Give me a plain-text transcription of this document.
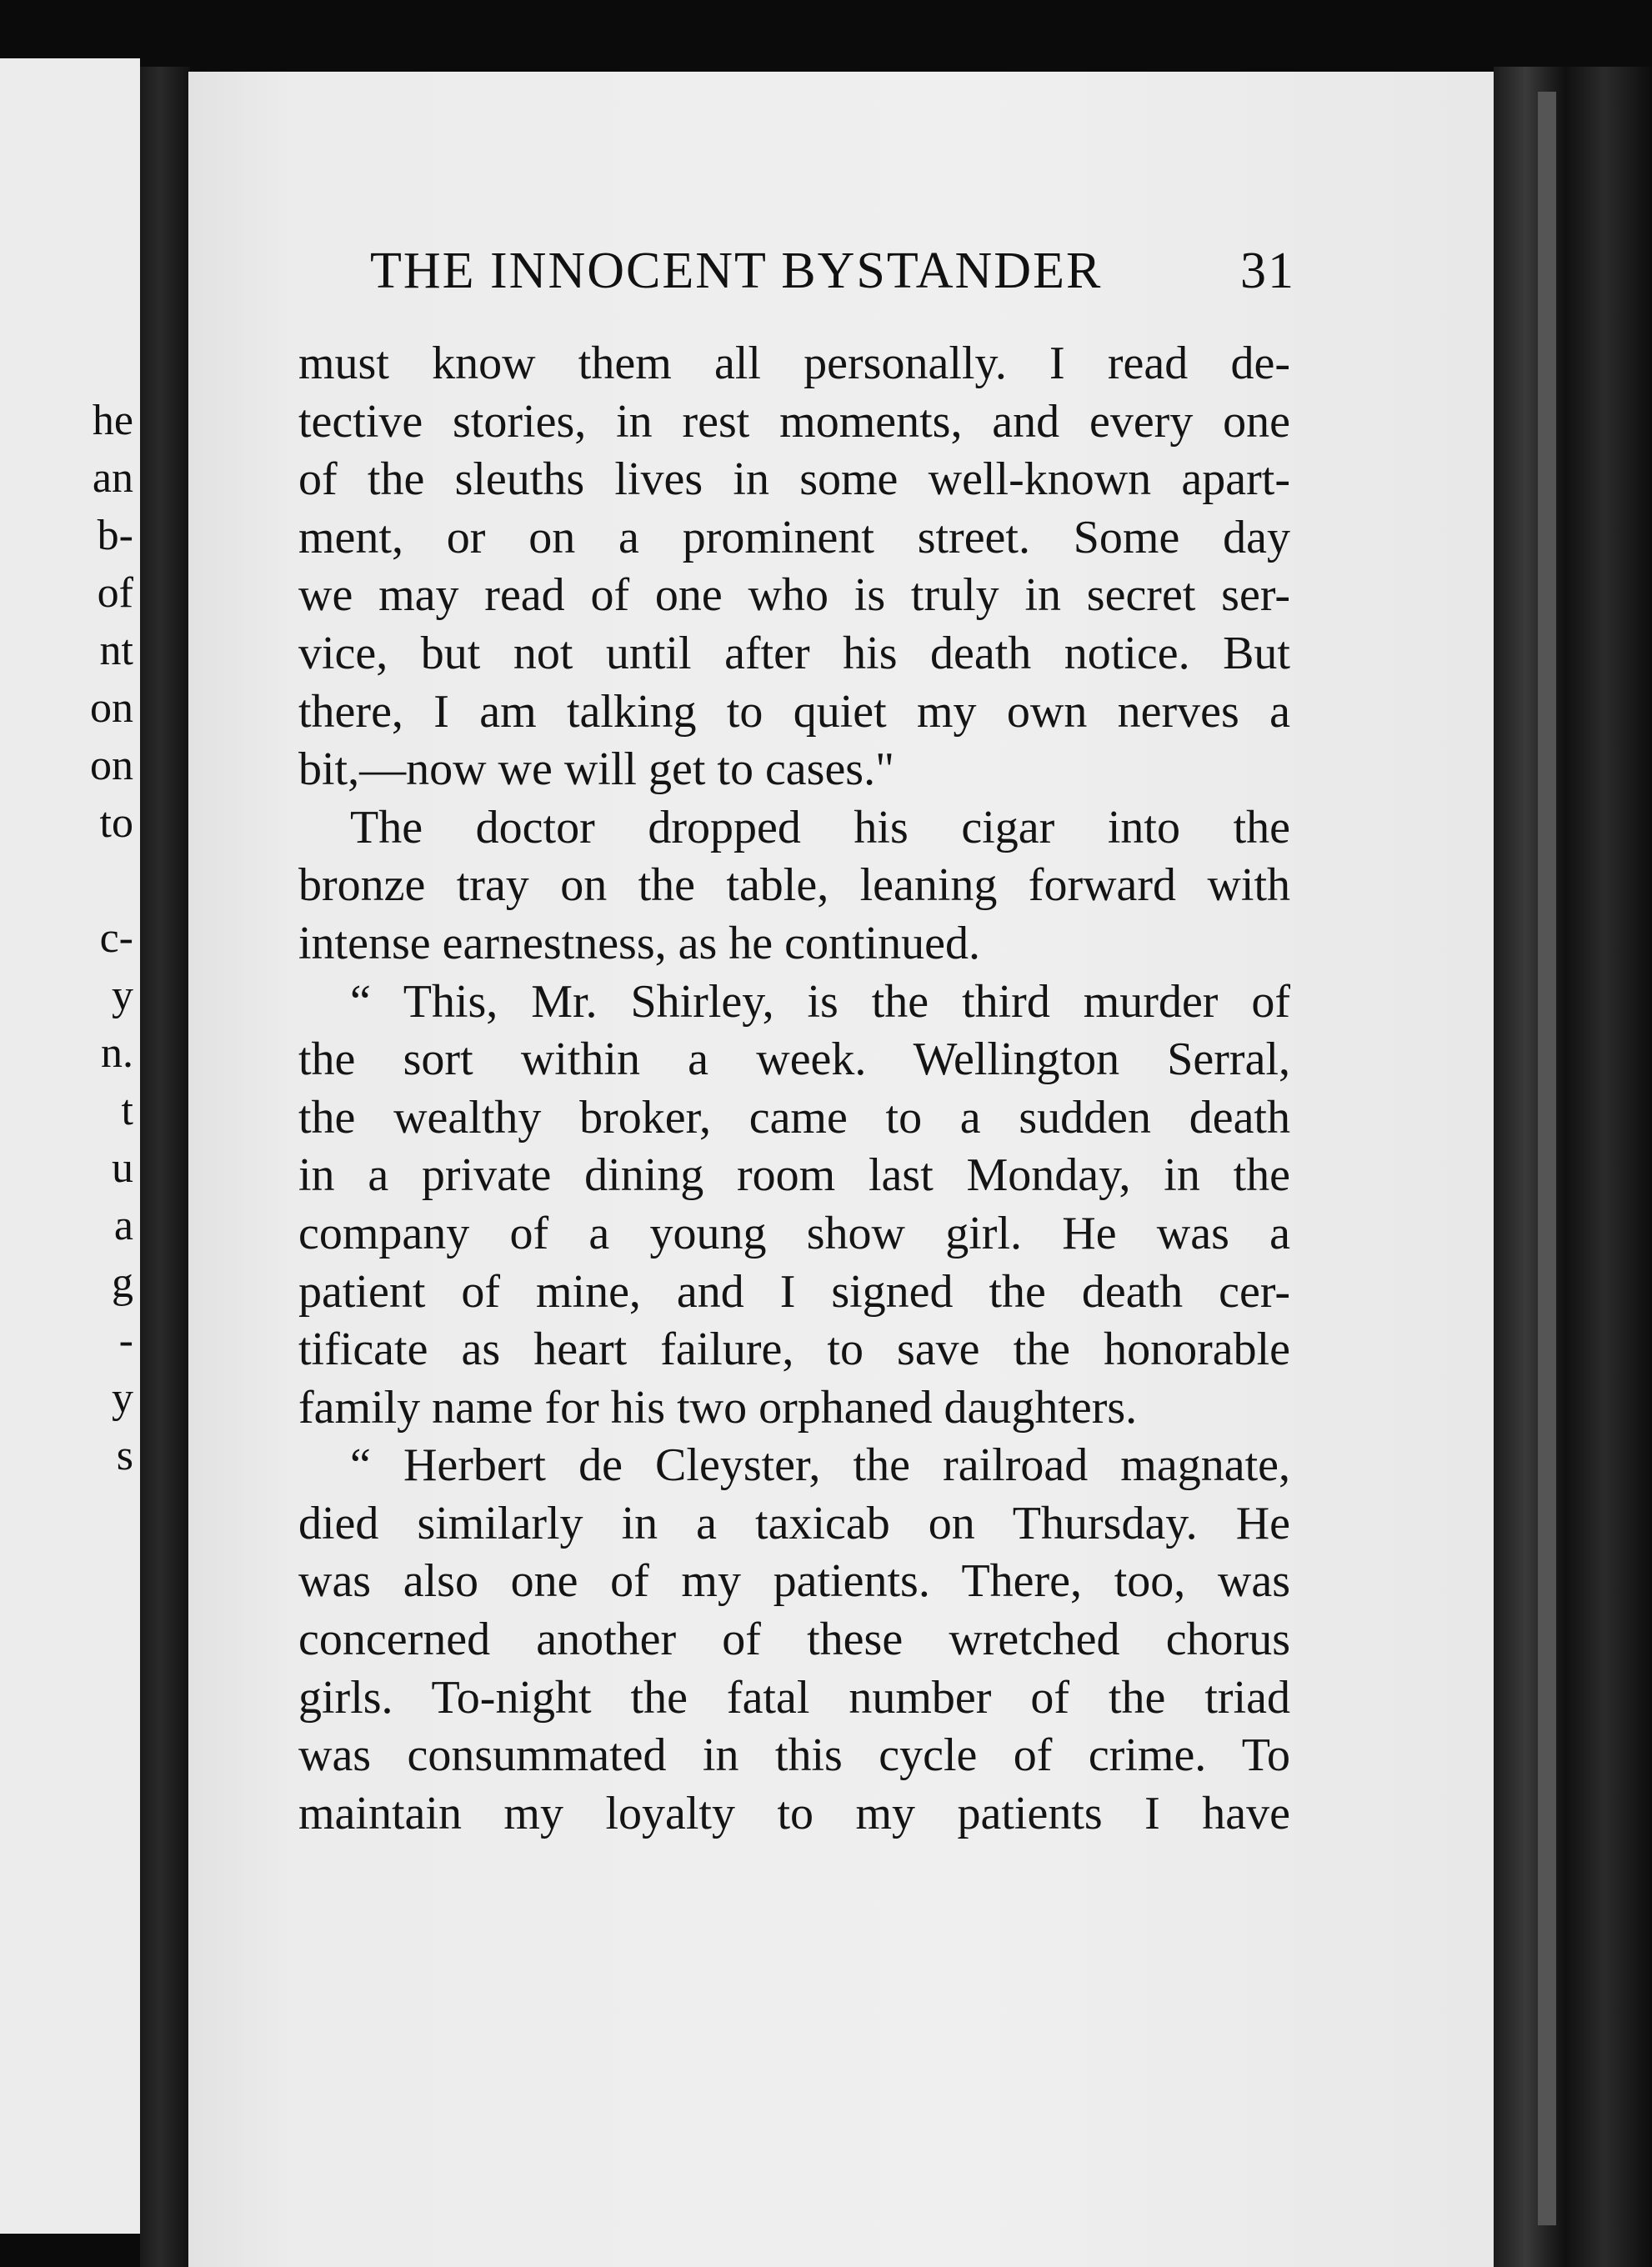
he
an
b-
of
nt
on
on
to
c-
y
n.
t
u
a
g
-
y
s
THE INNOCENT BYSTANDER	31
must know them all personally. I read de-
tective stories, in rest moments, and every one
of the sleuths lives in some well-known apart-
ment, or on a prominent street. Some day
we may read of one who is truly in secret ser-
vice, but not until after his death notice. But
there, I am talking to quiet my own nerves a
bit,—now we will get to cases."
The doctor dropped his cigar into the
bronze tray on the table, leaning forward with
intense earnestness, as he continued.
“ This, Mr. Shirley, is the third murder of
the sort within a week. Wellington Serral,
the wealthy broker, came to a sudden death
in a private dining room last Monday, in the
company of a young show girl. He was a
patient of mine, and I signed the death cer-
tificate as heart failure, to save the honorable
family name for his two orphaned daughters.
“ Herbert de Cleyster, the railroad magnate,
died similarly in a taxicab on Thursday. He
was also one of my patients. There, too, was
concerned another of these wretched chorus
girls. To-night the fatal number of the triad
was consummated in this cycle of crime. To
maintain my loyalty to my patients I have
